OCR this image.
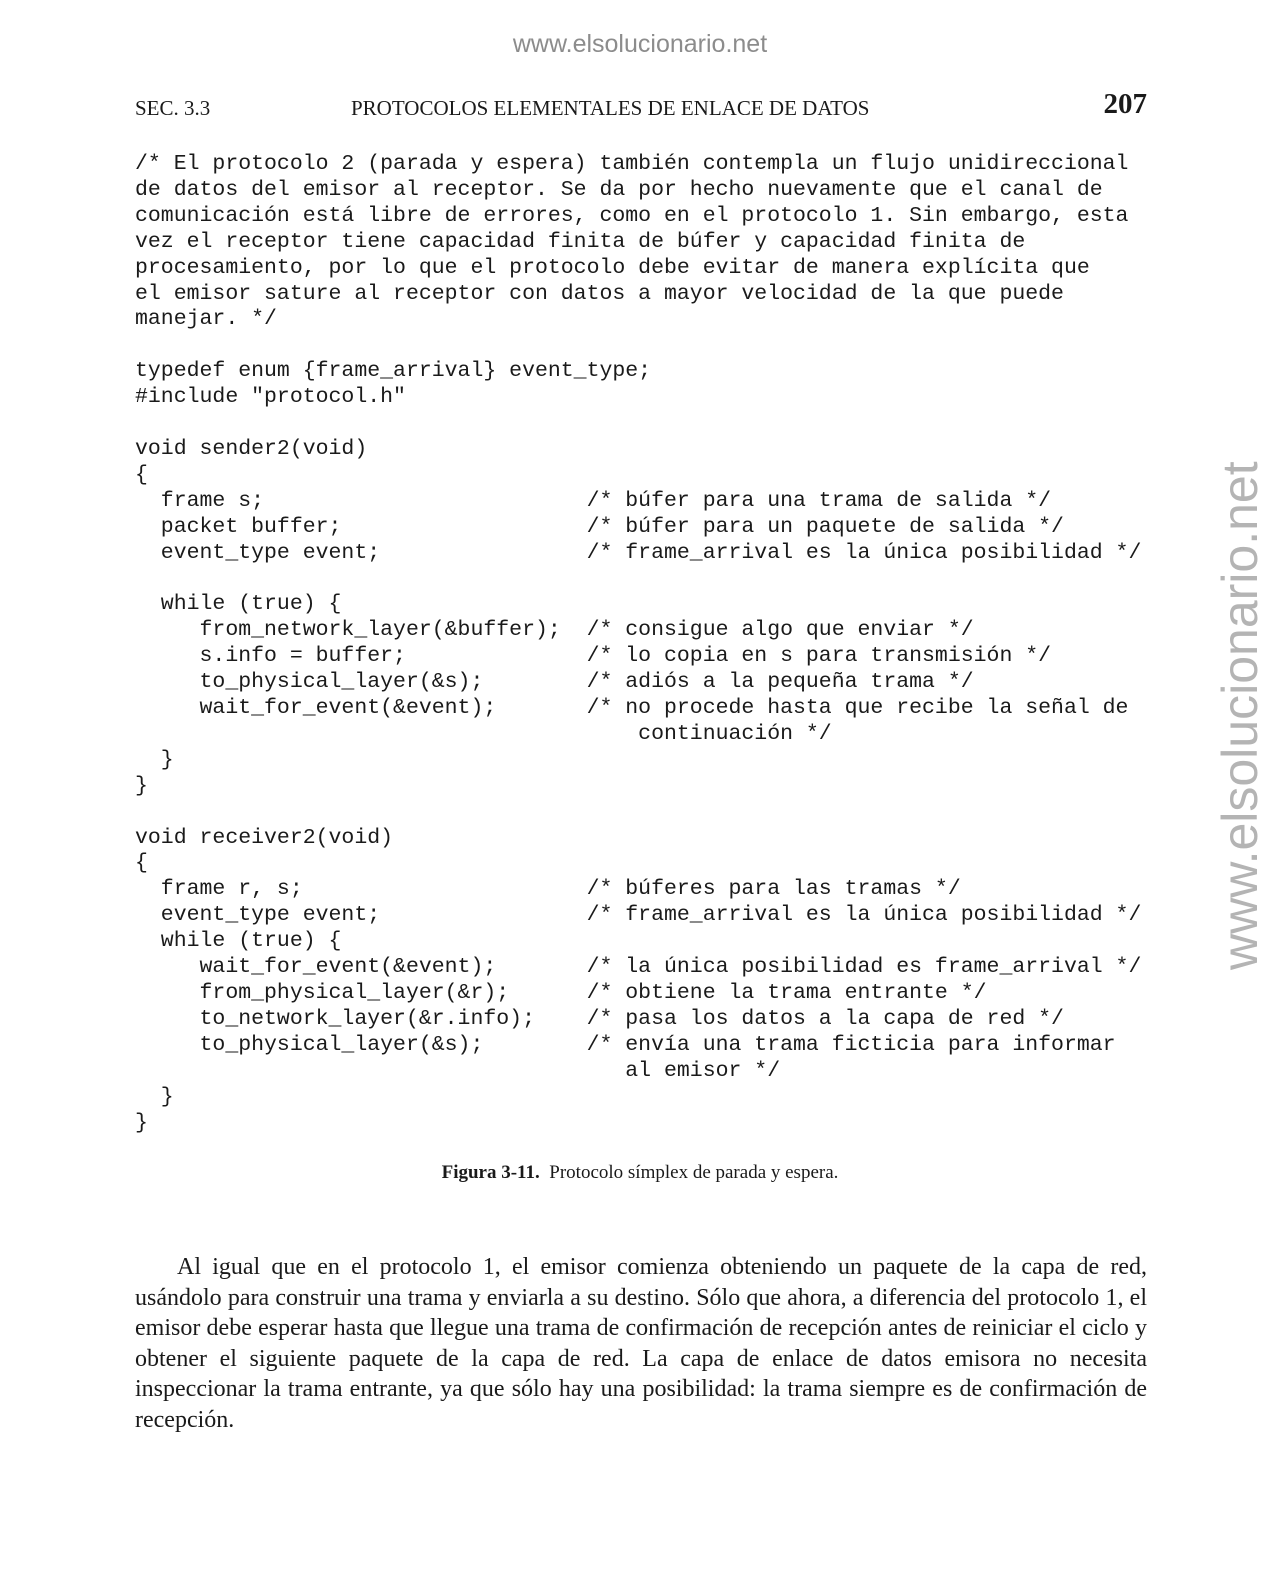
www.elsolucionario.net
www.elsolucionario.net
SEC. 3.3	PROTOCOLOS ELEMENTALES DE ENLACE DE DATOS	207
/* El protocolo 2 (parada y espera) también contempla un flujo unidireccional
de datos del emisor al receptor. Se da por hecho nuevamente que el canal de
comunicación está libre de errores, como en el protocolo 1. Sin embargo, esta
vez el receptor tiene capacidad finita de búfer y capacidad finita de
procesamiento, por lo que el protocolo debe evitar de manera explícita que
el emisor sature al receptor con datos a mayor velocidad de la que puede
manejar. */

typedef enum {frame_arrival} event_type;
#include "protocol.h"

void sender2(void)
{
frame s;                         /* búfer para una trama de salida */
packet buffer;                   /* búfer para un paquete de salida */
event_type event;                /* frame_arrival es la única posibilidad */

while (true) {
from_network_layer(&buffer);  /* consigue algo que enviar */
s.info = buffer;              /* lo copia en s para transmisión */
to_physical_layer(&s);        /* adiós a la pequeña trama */
wait_for_event(&event);       /* no procede hasta que recibe la señal de
continuación */
}
}

void receiver2(void)
{
frame r, s;                      /* búferes para las tramas */
event_type event;                /* frame_arrival es la única posibilidad */
while (true) {
wait_for_event(&event);       /* la única posibilidad es frame_arrival */
from_physical_layer(&r);      /* obtiene la trama entrante */
to_network_layer(&r.info);    /* pasa los datos a la capa de red */
to_physical_layer(&s);        /* envía una trama ficticia para informar
al emisor */
}
}
Figura 3-11. Protocolo símplex de parada y espera.

Al igual que en el protocolo 1, el emisor comienza obteniendo un paquete de la capa de red, usándolo para construir una trama y enviarla a su destino. Sólo que ahora, a diferencia del protocolo 1, el emisor debe esperar hasta que llegue una trama de confirmación de recepción antes de reiniciar el ciclo y obtener el siguiente paquete de la capa de red. La capa de enlace de datos emisora no necesita inspeccionar la trama entrante, ya que sólo hay una posibilidad: la trama siempre es de confirmación de recepción.
